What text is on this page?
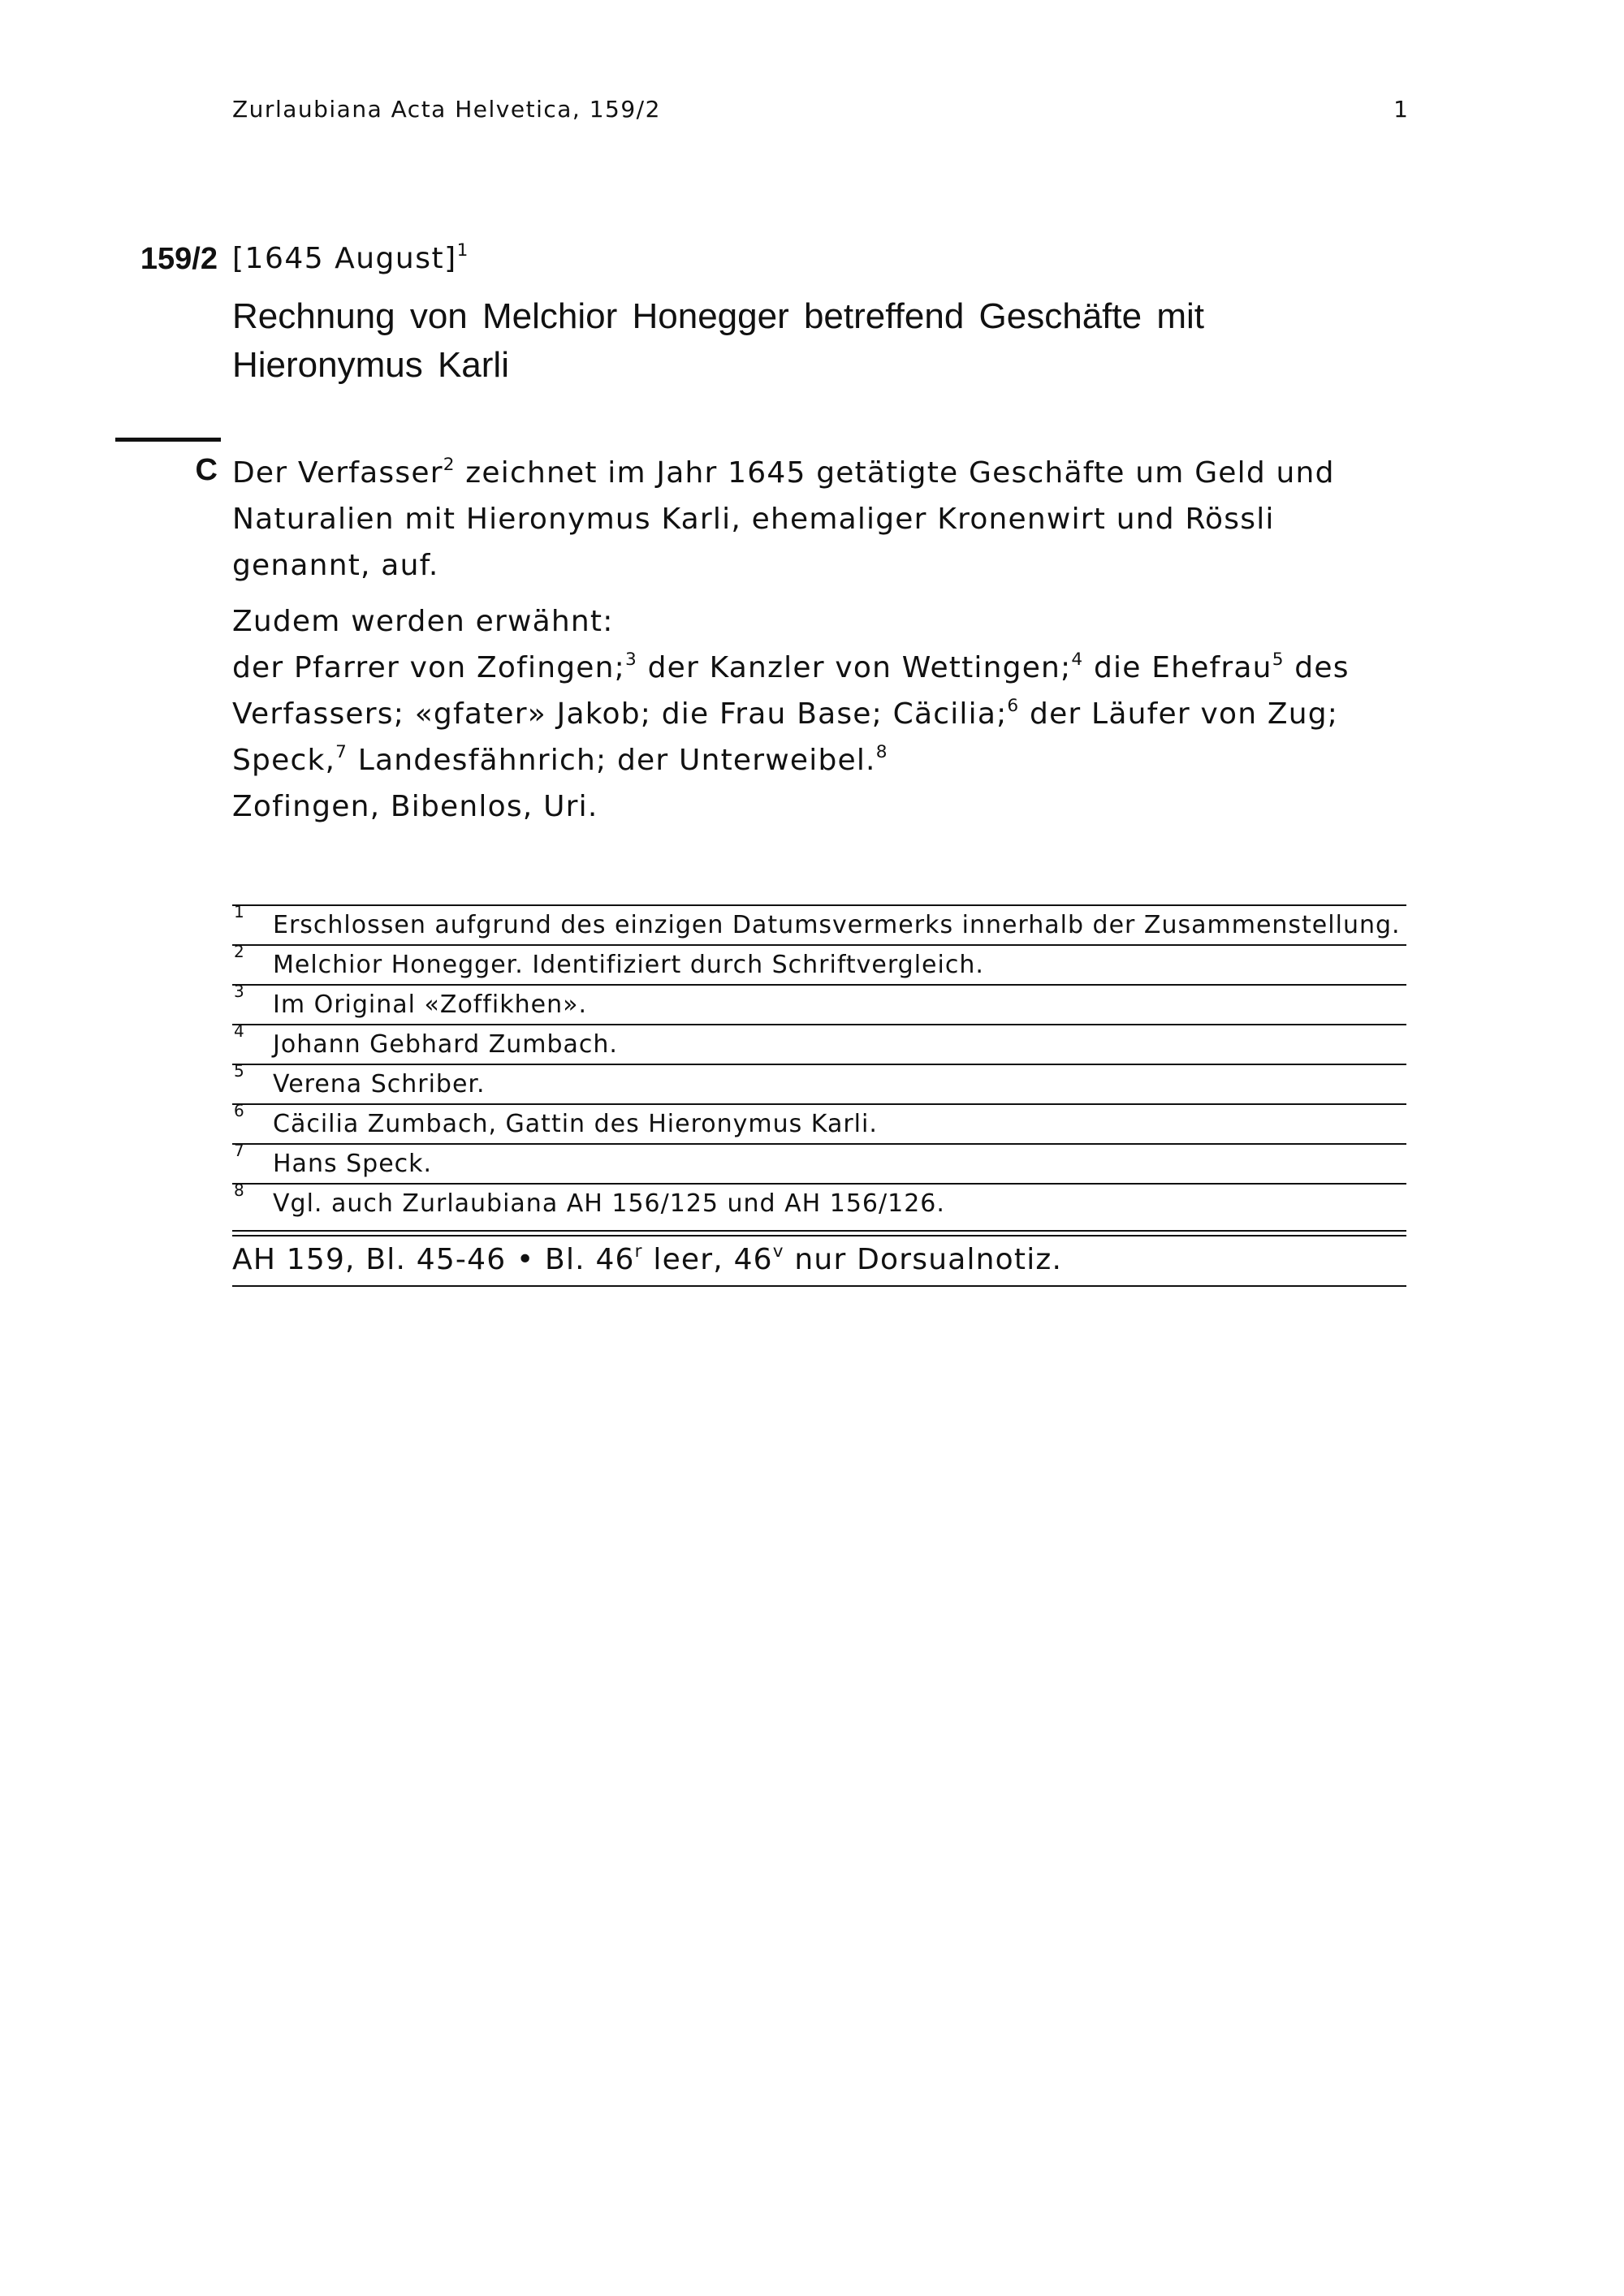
Zurlaubiana Acta Helvetica, 159/2	1
159/2 [1645 August]$^1$
Rechnung von Melchior Honegger betreffend Geschäfte mit Hieronymus Karli
C Der Verfasser$^2$ zeichnet im Jahr 1645 getätigte Geschäfte um Geld und Naturalien mit Hieronymus Karli, ehemaliger Kronenwirt und Rössli genannt, auf.

Zudem werden erwähnt:
der Pfarrer von Zofingen;$^3$ der Kanzler von Wettingen;$^4$ die Ehefrau$^5$ des Verfassers; «gfater» Jakob; die Frau Base; Cäcilia;$^6$ der Läufer von Zug; Speck,$^7$ Landesfähnrich; der Unterweibel.$^8$
Zofingen, Bibenlos, Uri.

1 Erschlossen aufgrund des einzigen Datumsvermerks innerhalb der Zusammenstellung.
2 Melchior Honegger. Identifiziert durch Schriftvergleich.
3 Im Original «Zoffikhen».
4 Johann Gebhard Zumbach.
5 Verena Schriber.
6 Cäcilia Zumbach, Gattin des Hieronymus Karli.
7 Hans Speck.
8 Vgl. auch Zurlaubiana AH 156/125 und AH 156/126.
AH 159, Bl. 45-46 • Bl. 46$^r$ leer, 46$^v$ nur Dorsualnotiz.
